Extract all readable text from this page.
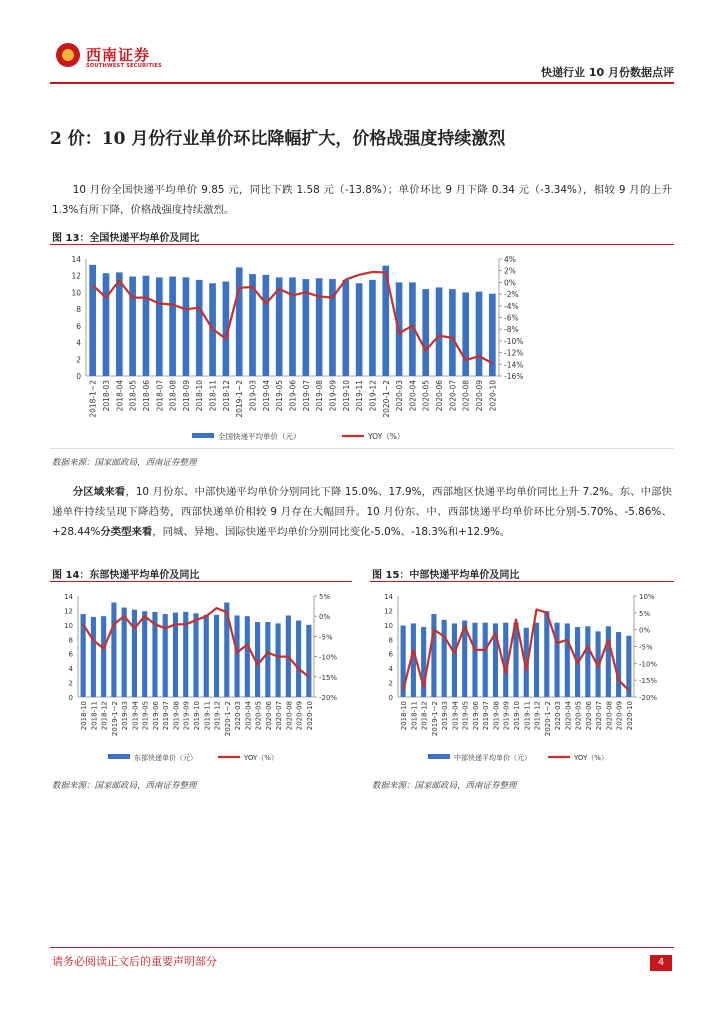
西南证券
SOUTHWEST SECURITIES	快递行业 10 月份数据点评
2 价：10 月份行业单价环比降幅扩大，价格战强度持续激烈
10 月份全国快递平均单价 9.85 元，同比下跌 1.58 元（-13.8%）；单价环比 9 月下降 0.34 元（-3.34%），相较 9 月的上升 1.3%有所下降，价格战强度持续激烈。
图 13：全国快递平均单价及同比
0
2
4
6
8
10
12
14
-16%
-14%
-12%
-10%
-8%
-6%
-4%
-2%
0%
2%
4%
2018-1~2 2018-03 2018-04 2018-05 2018-06 2018-07 2018-08 2018-09 2018-10 2018-11 2018-12 2019-1~2 2019-03 2019-04 2019-05 2019-06 2019-07 2019-08 2019-09 2019-10 2019-11 2019-12 2020-1~2 2020-03 2020-04 2020-05 2020-06 2020-07 2020-08 2020-09 2020-10
全国快递平均单价（元）	YOY（%）
数据来源：国家邮政局，西南证券整理
分区域来看，10 月份东、中部快递平均单价分别同比下降 15.0%、17.9%，西部地区快递平均单价同比上升 7.2%。东、中部快递单件持续呈现下降趋势，西部快递单价相较 9 月存在大幅回升。10 月份东、中、西部快递平均单价环比分别-5.70%、-5.86%、+28.44%分类型来看，同城、异地、国际快递平均单价分别同比变化-5.0%、-18.3%和+12.9%。
图 14：东部快递平均单价及同比
0
2
4
6
8
10
12
14
-20%
-15%
-10%
-5%
0%
5%
2018-10 2018-11 2018-12 2019-1~2 2019-03 2019-04 2019-05 2019-06 2019-07 2019-08 2019-09 2019-10 2019-11 2019-12 2020-1~2 2020-03 2020-04 2020-05 2020-06 2020-07 2020-08 2020-09 2020-10
东部快递单价（元）	YOY（%）
数据来源：国家邮政局，西南证券整理
图 15：中部快递平均单价及同比
0
2
4
6
8
10
12
14
-20%
-15%
-10%
-5%
0%
5%
10%
2018-10 2018-11 2018-12 2019-1~2 2019-03 2019-04 2019-05 2019-06 2019-07 2019-08 2019-09 2019-10 2019-11 2019-12 2020-1~2 2020-03 2020-04 2020-05 2020-06 2020-07 2020-08 2020-09 2020-10
中部快递平均单价（元）	YOY（%）
数据来源：国家邮政局，西南证券整理
请务必阅读正文后的重要声明部分	4
